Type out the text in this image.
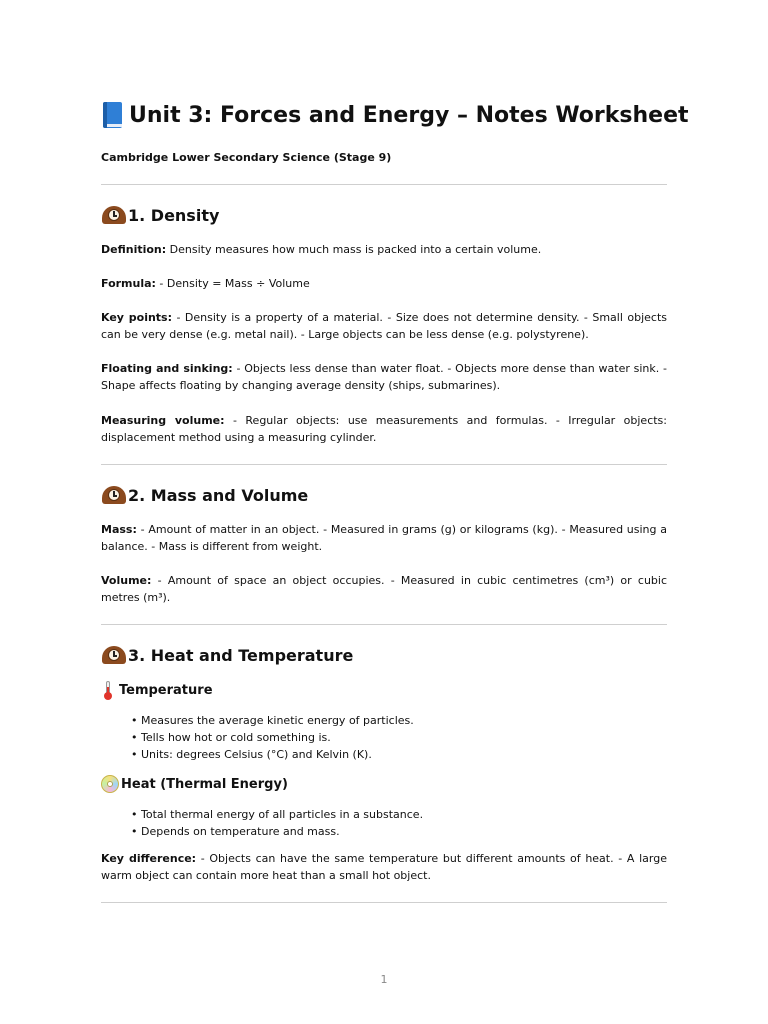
Unit 3: Forces and Energy – Notes Worksheet
Cambridge Lower Secondary Science (Stage 9)
1. Density

Definition: Density measures how much mass is packed into a certain volume.

Formula: - Density = Mass ÷ Volume

Key points: - Density is a property of a material. - Size does not determine density. - Small objects can be very dense (e.g. metal nail). - Large objects can be less dense (e.g. polystyrene).

Floating and sinking: - Objects less dense than water float. - Objects more dense than water sink. - Shape affects floating by changing average density (ships, submarines).

Measuring volume: - Regular objects: use measurements and formulas. - Irregular objects: displacement method using a measuring cylinder.

2. Mass and Volume

Mass: - Amount of matter in an object. - Measured in grams (g) or kilograms (kg). - Measured using a balance. - Mass is different from weight.

Volume: - Amount of space an object occupies. - Measured in cubic centimetres (cm³) or cubic metres (m³).

3. Heat and Temperature
Temperature
• Measures the average kinetic energy of particles.
• Tells how hot or cold something is.
• Units: degrees Celsius (°C) and Kelvin (K).
Heat (Thermal Energy)
• Total thermal energy of all particles in a substance.
• Depends on temperature and mass.

Key difference: - Objects can have the same temperature but different amounts of heat. - A large warm object can contain more heat than a small hot object.

1
